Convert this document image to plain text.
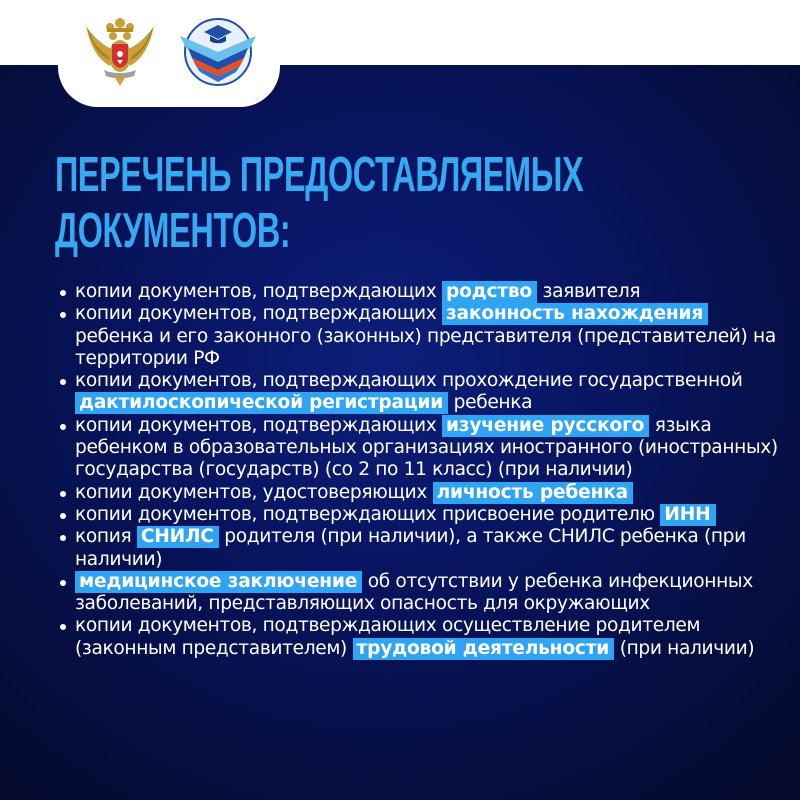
ПЕРЕЧЕНЬ ПРЕДОСТАВЛЯЕМЫХ
ДОКУМЕНТОВ:
копии документов, подтверждающих родство заявителя
копии документов, подтверждающих законность нахождения ребенка и его законного (законных) представителя (представителей) на территории РФ
копии документов, подтверждающих прохождение государственной дактилоскопической регистрации ребенка
копии документов, подтверждающих изучение русского языка ребенком в образовательных организациях иностранного (иностранных) государства (государств) (со 2 по 11 класс) (при наличии)
копии документов, удостоверяющих личность ребенка
копии документов, подтверждающих присвоение родителю ИНН
копия СНИЛС родителя (при наличии), а также СНИЛС ребенка (при наличии)
медицинское заключение об отсутствии у ребенка инфекционных заболеваний, представляющих опасность для окружающих
копии документов, подтверждающих осуществление родителем (законным представителем) трудовой деятельности (при наличии)
